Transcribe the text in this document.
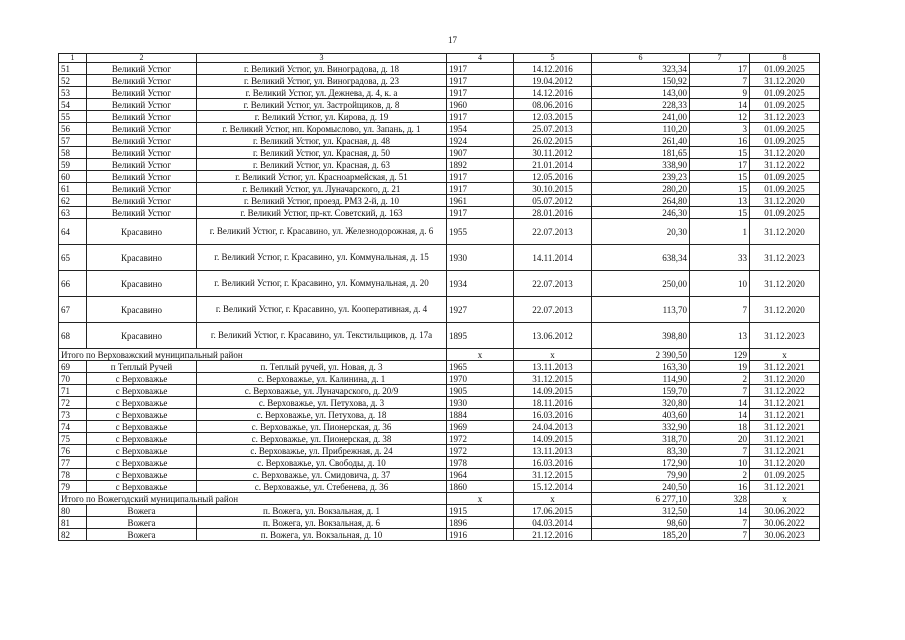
17
1	2	3	4	5	6	7	8
51	Великий Устюг	г. Великий Устюг, ул. Виноградова, д. 18	1917	14.12.2016	323,34	17	01.09.2025
52	Великий Устюг	г. Великий Устюг, ул. Виноградова, д. 23	1917	19.04.2012	150,92	7	31.12.2020
53	Великий Устюг	г. Великий Устюг, ул. Дежнева, д. 4, к. а	1917	14.12.2016	143,00	9	01.09.2025
54	Великий Устюг	г. Великий Устюг, ул. Застройщиков, д. 8	1960	08.06.2016	228,33	14	01.09.2025
55	Великий Устюг	г. Великий Устюг, ул. Кирова, д. 19	1917	12.03.2015	241,00	12	31.12.2023
56	Великий Устюг	г. Великий Устюг, нп. Коромыслово, ул. Запань, д. 1	1954	25.07.2013	110,20	3	01.09.2025
57	Великий Устюг	г. Великий Устюг, ул. Красная, д. 48	1924	26.02.2015	261,40	16	01.09.2025
58	Великий Устюг	г. Великий Устюг, ул. Красная, д. 50	1907	30.11.2012	181,65	15	31.12.2020
59	Великий Устюг	г. Великий Устюг, ул. Красная, д. 63	1892	21.01.2014	338,90	17	31.12.2022
60	Великий Устюг	г. Великий Устюг, ул. Красноармейская, д. 51	1917	12.05.2016	239,23	15	01.09.2025
61	Великий Устюг	г. Великий Устюг, ул. Луначарского, д. 21	1917	30.10.2015	280,20	15	01.09.2025
62	Великий Устюг	г. Великий Устюг, проезд. РМЗ 2-й, д. 10	1961	05.07.2012	264,80	13	31.12.2020
63	Великий Устюг	г. Великий Устюг, пр-кт. Советский, д. 163	1917	28.01.2016	246,30	15	01.09.2025
64	Красавино	г. Великий Устюг, г. Красавино, ул. Железнодорожная, д. 6	1955	22.07.2013	20,30	1	31.12.2020
65	Красавино	г. Великий Устюг, г. Красавино, ул. Коммунальная, д. 15	1930	14.11.2014	638,34	33	31.12.2023
66	Красавино	г. Великий Устюг, г. Красавино, ул. Коммунальная, д. 20	1934	22.07.2013	250,00	10	31.12.2020
67	Красавино	г. Великий Устюг, г. Красавино, ул. Кооперативная, д. 4	1927	22.07.2013	113,70	7	31.12.2020
68	Красавино	г. Великий Устюг, г. Красавино, ул. Текстильщиков, д. 17а	1895	13.06.2012	398,80	13	31.12.2023
Итого по Верховажский муниципальный район			x	x	2 390,50	129	x
69	п Теплый Ручей	п. Теплый ручей, ул. Новая, д. 3	1965	13.11.2013	163,30	19	31.12.2021
70	с Верховажье	с. Верховажье, ул. Калинина, д. 1	1970	31.12.2015	114,90	2	31.12.2020
71	с Верховажье	с. Верховажье, ул. Луначарского, д. 20/9	1905	14.09.2015	159,70	7	31.12.2022
72	с Верховажье	с. Верховажье, ул. Петухова, д. 3	1930	18.11.2016	320,80	14	31.12.2021
73	с Верховажье	с. Верховажье, ул. Петухова, д. 18	1884	16.03.2016	403,60	14	31.12.2021
74	с Верховажье	с. Верховажье, ул. Пионерская, д. 36	1969	24.04.2013	332,90	18	31.12.2021
75	с Верховажье	с. Верховажье, ул. Пионерская, д. 38	1972	14.09.2015	318,70	20	31.12.2021
76	с Верховажье	с. Верховажье, ул. Прибрежная, д. 24	1972	13.11.2013	83,30	7	31.12.2021
77	с Верховажье	с. Верховажье, ул. Свободы, д. 10	1978	16.03.2016	172,90	10	31.12.2020
78	с Верховажье	с. Верховажье, ул. Смидовича, д. 37	1964	31.12.2015	79,90	2	01.09.2025
79	с Верховажье	с. Верховажье, ул. Стебенева, д. 36	1860	15.12.2014	240,50	16	31.12.2021
Итого по Вожегодский муниципальный район			x	x	6 277,10	328	x
80	Вожега	п. Вожега, ул. Вокзальная, д. 1	1915	17.06.2015	312,50	14	30.06.2022
81	Вожега	п. Вожега, ул. Вокзальная, д. 6	1896	04.03.2014	98,60	7	30.06.2022
82	Вожега	п. Вожега, ул. Вокзальная, д. 10	1916	21.12.2016	185,20	7	30.06.2023
